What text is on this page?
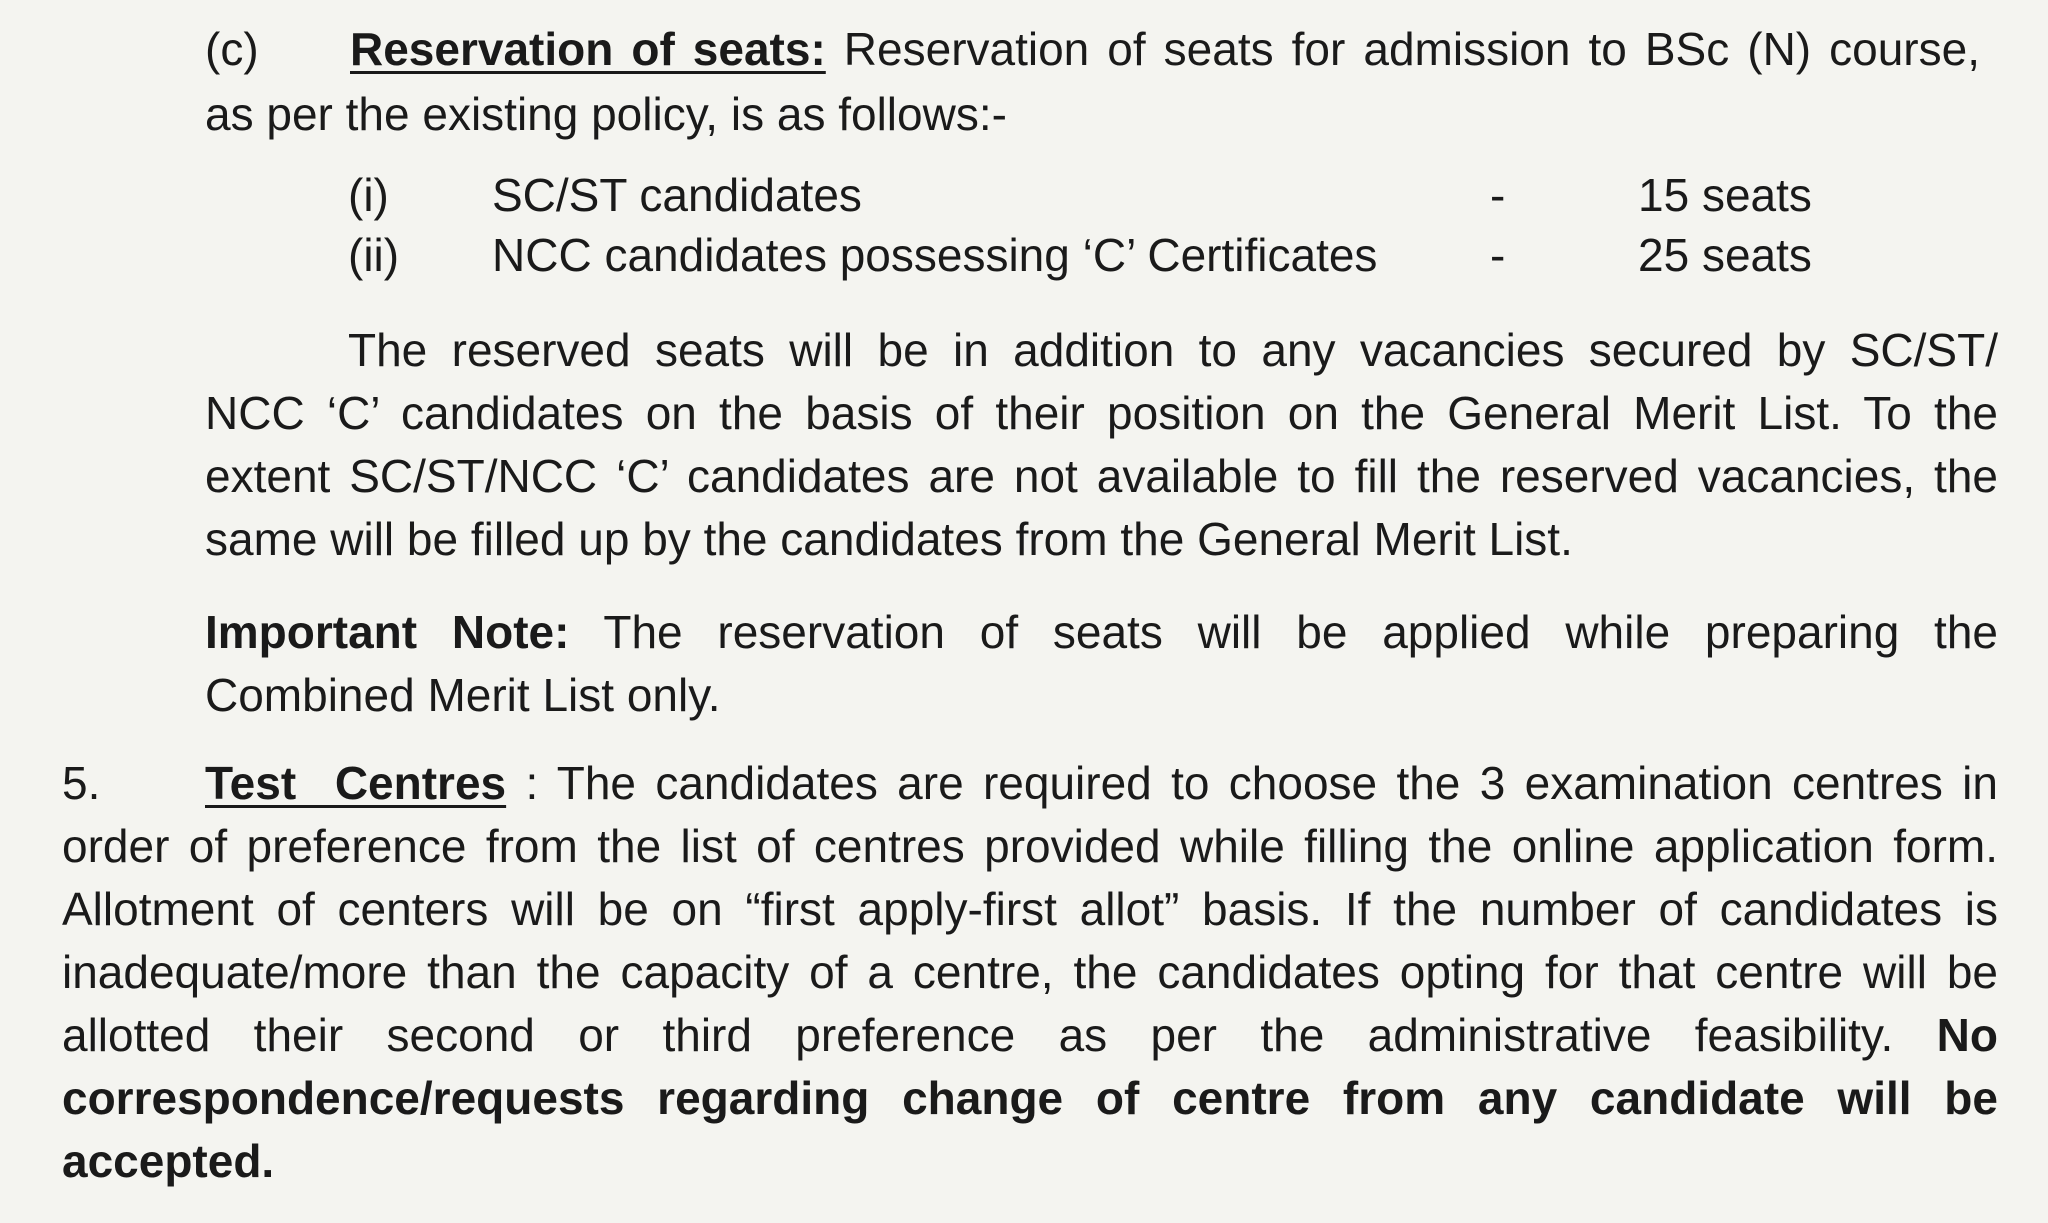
(c) Reservation of seats: Reservation of seats for admission to BSc (N) course,
as per the existing policy, is as follows:-
(i) SC/ST candidates	-	15 seats
(ii) NCC candidates possessing ‘C’ Certificates -	25 seats
The reserved seats will be in addition to any vacancies secured by SC/ST/
NCC ‘C’ candidates on the basis of their position on the General Merit List. To the
extent SC/ST/NCC ‘C’ candidates are not available to fill the reserved vacancies, the
same will be filled up by the candidates from the General Merit List.
Important Note: The reservation of seats will be applied while preparing the
Combined Merit List only.
5. Test  Centres : The candidates are required to choose the 3 examination centres in
order of preference from the list of centres provided while filling the online application form.
Allotment of centers will be on “first apply-first allot” basis. If the number of candidates is
inadequate/more than the capacity of a centre, the candidates opting for that centre will be
allotted their second or third preference as per the administrative feasibility. No
correspondence/requests regarding change of centre from any candidate will be
accepted.
